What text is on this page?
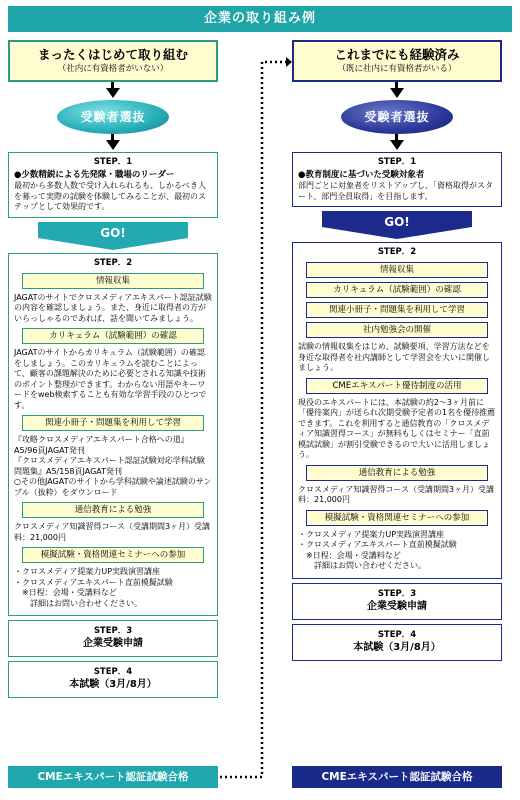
企業の取り組み例
まったくはじめて取り組む
（社内に有資格者がいない）
受験者選抜
STEP．1
●少数精鋭による先発隊・職場のリーダー
最初から多数人数で受け入れられるも、しかるべき人を募って実際の試験を体験してみることが、最初のステップとして効果的です。
GO!
STEP．2
情報収集
JAGATのサイトでクロスメディアエキスパート認証試験の内容を確認しましょう。また、身近に取得者の方がいらっしゃるのであれば、話を聞いてみましょう。
カリキュラム（試験範囲）の確認
JAGATのサイトからカリキュラム（試験範囲）の確認をしましょう。このカリキュラムを読むことによって、顧客の課題解決のために必要とされる知識や技術のポイント整理ができます。わからない用語やキーワードをweb検索することも有効な学習手段のひとつです。
関連小冊子・問題集を利用して学習
『攻略クロスメディアエキスパート合格への道』A5/96頁JAGAT発刊
『クロスメディアエキスパート認証試験対応学科試験問題集』A5/158頁JAGAT発刊
○その他JAGATのサイトから学科試験や論述試験のサンプル（抜粋）をダウンロード
通信教育による勉強
クロスメディア知識習得コース（受講期間3ヶ月）受講料：21,000円
模擬試験・資格関連セミナーへの参加
・クロスメディア提案力UP実践演習講座
・クロスメディアエキスパート直前模擬試験
　※日程：会場・受講料など
　　詳細はお問い合わせください。
STEP．3
企業受験申請
STEP．4
本試験（3月/8月）
これまでにも経験済み
（既に社内に有資格者がいる）
受験者選抜
STEP．1
●教育制度に基づいた受験対象者
部門ごとに対象者をリストアップし、「資格取得がスタート、部門全員取得」を目指します。
GO!
STEP．2
情報収集
カリキュラム（試験範囲）の確認
関連小冊子・問題集を利用して学習
社内勉強会の開催
試験の情報収集をはじめ、試験要項、学習方法などを身近な取得者を社内講師として学習会を大いに開催しましょう。
CMEエキスパート優待制度の活用
現役のエキスパートには、本試験の約2〜3ヶ月前に「優待案内」が送られ次期受験予定者の1名を優待推薦できます。これを利用すると通信教育の「クロスメディア知識習得コース」が無料もしくはセミナー「直前模試試験」が割引受験できるので大いに活用しましょう。
通信教育による勉強
クロスメディア知識習得コース（受講期間3ヶ月）受講料：21,000円
模擬試験・資格関連セミナーへの参加
・クロスメディア提案力UP実践演習講座
・クロスメディアエキスパート直前模擬試験
　※日程：会場・受講料など
　　詳細はお問い合わせください。
STEP．3
企業受験申請
STEP．4
本試験（3月/8月）
CMEエキスパート認証試験合格	CMEエキスパート認証試験合格
